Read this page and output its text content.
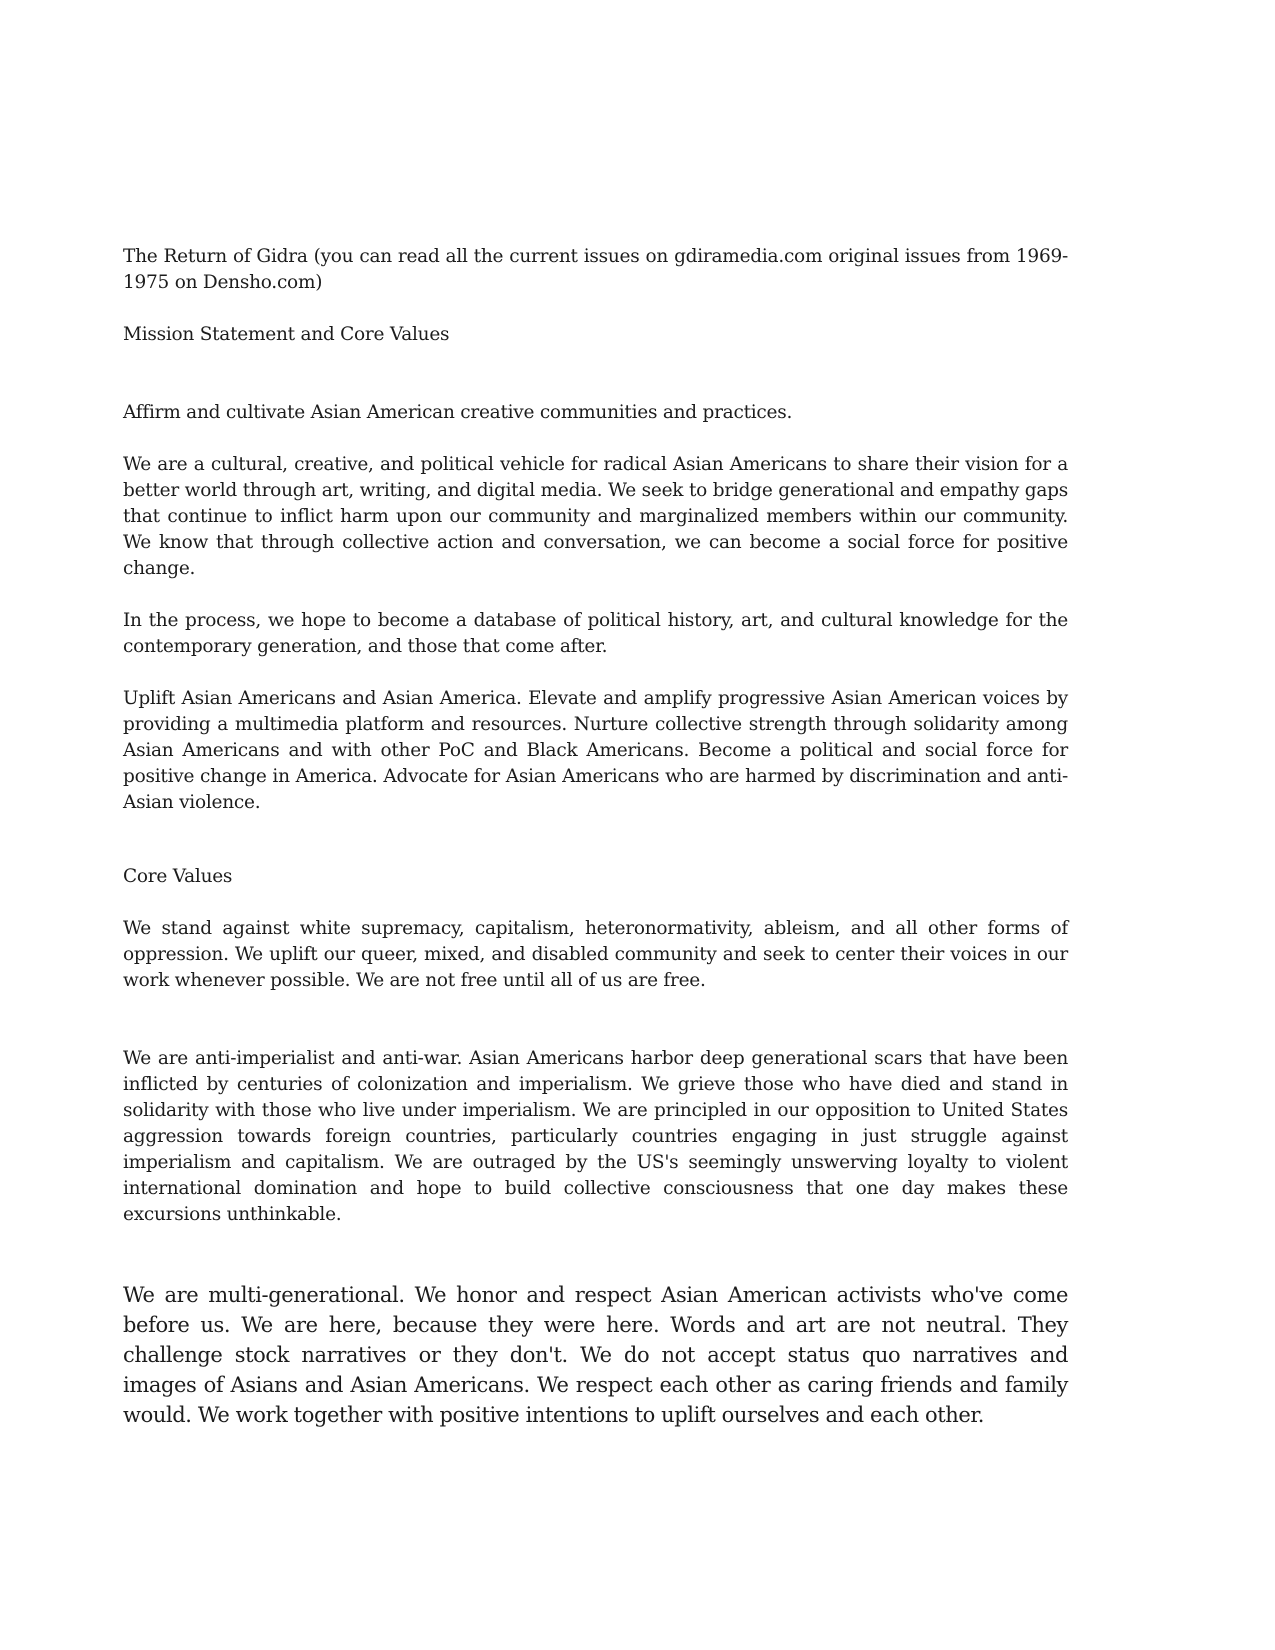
The Return of Gidra (you can read all the current issues on gdiramedia.com original issues from 1969-1975 on Densho.com)

Mission Statement and Core Values

Affirm and cultivate Asian American creative communities and practices.

We are a cultural, creative, and political vehicle for radical Asian Americans to share their vision for a better world through art, writing, and digital media. We seek to bridge generational and empathy gaps that continue to inflict harm upon our community and marginalized members within our community. We know that through collective action and conversation, we can become a social force for positive change.

In the process, we hope to become a database of political history, art, and cultural knowledge for the contemporary generation, and those that come after.

Uplift Asian Americans and Asian America. Elevate and amplify progressive Asian American voices by providing a multimedia platform and resources. Nurture collective strength through solidarity among Asian Americans and with other PoC and Black Americans. Become a political and social force for positive change in America. Advocate for Asian Americans who are harmed by discrimination and anti-Asian violence.

Core Values

We stand against white supremacy, capitalism, heteronormativity, ableism, and all other forms of oppression. We uplift our queer, mixed, and disabled community and seek to center their voices in our work whenever possible. We are not free until all of us are free.

We are anti-imperialist and anti-war. Asian Americans harbor deep generational scars that have been inflicted by centuries of colonization and imperialism. We grieve those who have died and stand in solidarity with those who live under imperialism. We are principled in our opposition to United States aggression towards foreign countries, particularly countries engaging in just struggle against imperialism and capitalism. We are outraged by the US's seemingly unswerving loyalty to violent international domination and hope to build collective consciousness that one day makes these excursions unthinkable.

We are multi-generational. We honor and respect Asian American activists who've come before us. We are here, because they were here. Words and art are not neutral. They challenge stock narratives or they don't. We do not accept status quo narratives and images of Asians and Asian Americans. We respect each other as caring friends and family would. We work together with positive intentions to uplift ourselves and each other.
